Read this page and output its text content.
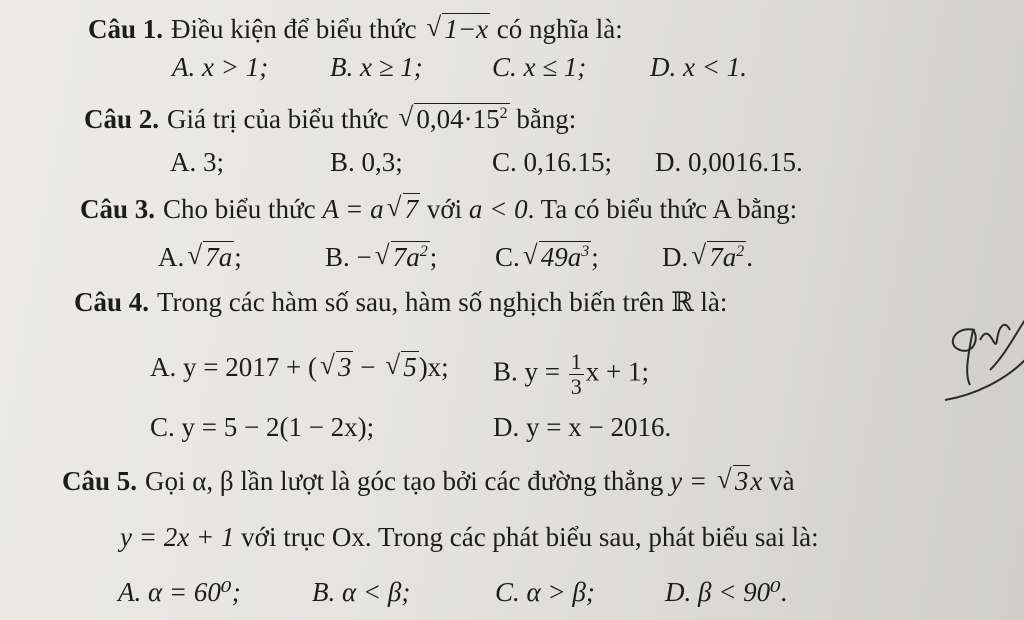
Câu 1. Điều kiện để biểu thức √ 1−x có nghĩa là:
A. x > 1; B. x ≥ 1;	C. x ≤ 1; D. x < 1.
Câu 2. Giá trị của biểu thức √ $0,04\cdot 15^2$ bằng:
A. 3;	B. 0,3;	C. 0,16.15; D. 0,0016.15.
Câu 3. Cho biểu thức A = a √ 7 với a < 0. Ta có biểu thức A bằng:
A. √ 7a;	B. − √ $7a^2$; C. √ $49a^3$; D. √ $7a^2$.
Câu 4. Trong các hàm số sau, hàm số nghịch biến trên ℝ là:
A. y = 2017 + ( √ 3 − √ 5)x; B. $y = \frac{1}{3}$ x + 1;
C. y = 5 − 2(1 − 2x);	D. y = x − 2016.
Câu 5. Gọi α, β lần lượt là góc tạo bởi các đường thẳng y = √ 3x và
y = 2x + 1 với trục Ox. Trong các phát biểu sau, phát biểu sai là:
A. α = 60⁰;	B. α < β;	C. α > β;	D. β < 90⁰.
